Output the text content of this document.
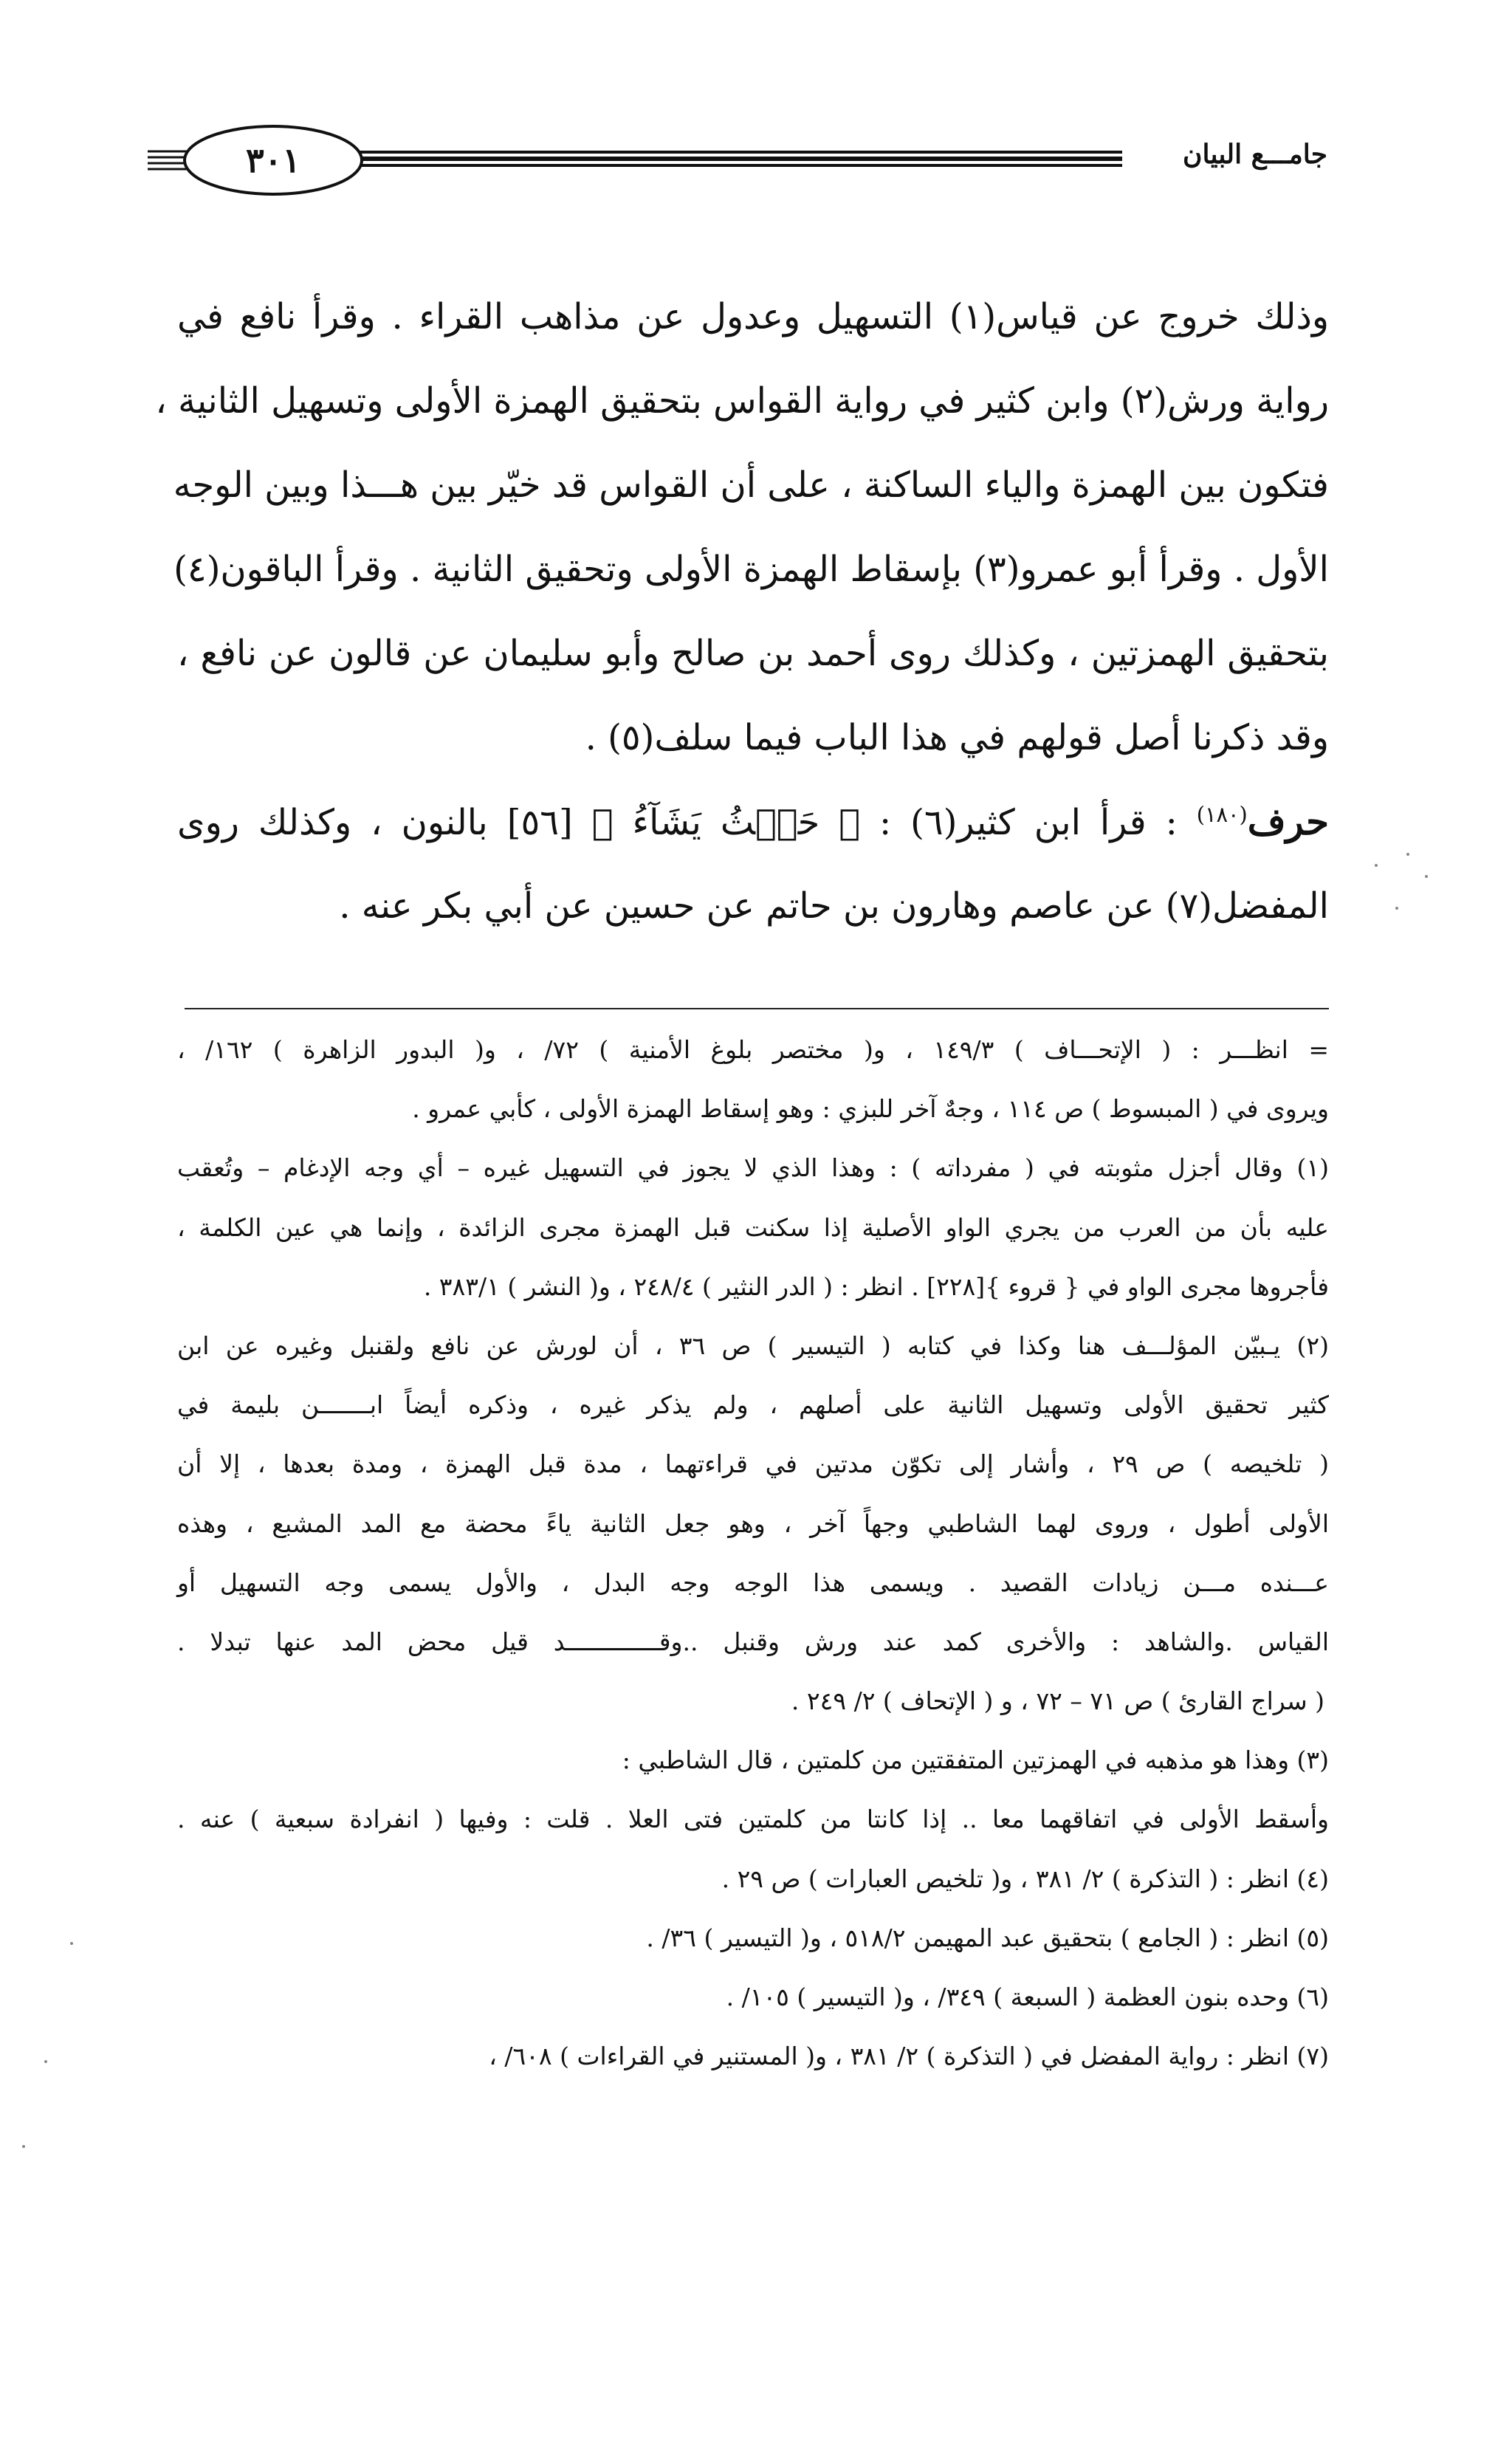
جامـــع البيان
٣٠١
وذلك خروج عن قياس(١) التسهيل وعدول عن مذاهب القراء . وقرأ نافع في
رواية ورش(٢) وابن كثير في رواية القواس بتحقيق الهمزة الأولى وتسهيل الثانية ،
فتكون بين الهمزة والياء الساكنة ، على أن القواس قد خيّر بين هـــذا وبين الوجه
الأول . وقرأ أبو عمرو(٣) بإسقاط الهمزة الأولى وتحقيق الثانية . وقرأ الباقون(٤)
بتحقيق الهمزتين ، وكذلك روى أحمد بن صالح وأبو سليمان عن قالون عن نافع ،
وقد ذكرنا أصل قولهم في هذا الباب فيما سلف(٥) .
حرف$^{(١٨٠)}$ : قرأ ابن كثير(٦) : ﴿ حَيۡثُ يَشَآءُ ﴾ [٥٦] بالنون ، وكذلك روى
المفضل(٧) عن عاصم وهارون بن حاتم عن حسين عن أبي بكر عنه .
= انظـــر : ( الإتحـــاف ) ١٤٩/٣ ، و( مختصر بلوغ الأمنية ) ٧٢/ ، و( البدور الزاهرة ) ١٦٢/ ،
ويروى في ( المبسوط ) ص ١١٤ ، وجهٌ آخر للبزي : وهو إسقاط الهمزة الأولى ، كأبي عمرو .
(١) وقال أجزل مثوبته في ( مفرداته ) : وهذا الذي لا يجوز في التسهيل غيره – أي وجه الإدغام – وتُعقب
عليه بأن من العرب من يجري الواو الأصلية إذا سكنت قبل الهمزة مجرى الزائدة ، وإنما هي عين الكلمة ،
فأجروها مجرى الواو في { قروء }[٢٢٨] . انظر : ( الدر النثير ) ٢٤٨/٤ ، و( النشر ) ٣٨٣/١ .
(٢) يـبيّن المؤلـــف هنا وكذا في كتابه ( التيسير ) ص ٣٦ ، أن لورش عن نافع ولقنبل وغيره عن ابن
كثير تحقيق الأولى وتسهيل الثانية على أصلهم ، ولم يذكر غيره ، وذكره أيضاً ابـــــــن بليمة في
( تلخيصه ) ص ٢٩ ، وأشار إلى تكوّن مدتين في قراءتهما ، مدة قبل الهمزة ، ومدة بعدها ، إلا أن
الأولى أطول ، وروى لهما الشاطبي وجهاً آخر ، وهو جعل الثانية ياءً محضة مع المد المشبع ، وهذه
عـــنده مـــن زيادات القصيد . ويسمى هذا الوجه وجه البدل ، والأول يسمى وجه التسهيل أو
القياس .والشاهد : والأخرى كمد عند ورش وقنبل ..وقـــــــــــــد قيل محض المد عنها تبدلا .
( سراج القارئ ) ص ٧١ – ٧٢ ، و ( الإتحاف ) ٢/ ٢٤٩ .
(٣) وهذا هو مذهبه في الهمزتين المتفقتين من كلمتين ، قال الشاطبي :
وأسقط الأولى في اتفاقهما معا .. إذا كانتا من كلمتين فتى العلا . قلت : وفيها ( انفرادة سبعية ) عنه .
(٤) انظر : ( التذكرة ) ٢/ ٣٨١ ، و( تلخيص العبارات ) ص ٢٩ .
(٥) انظر : ( الجامع ) بتحقيق عبد المهيمن ٥١٨/٢ ، و( التيسير ) ٣٦/ .
(٦) وحده بنون العظمة ( السبعة ) ٣٤٩/ ، و( التيسير ) ١٠٥/ .
(٧) انظر : رواية المفضل في ( التذكرة ) ٢/ ٣٨١ ، و( المستنير في القراءات ) ٦٠٨/ ،
